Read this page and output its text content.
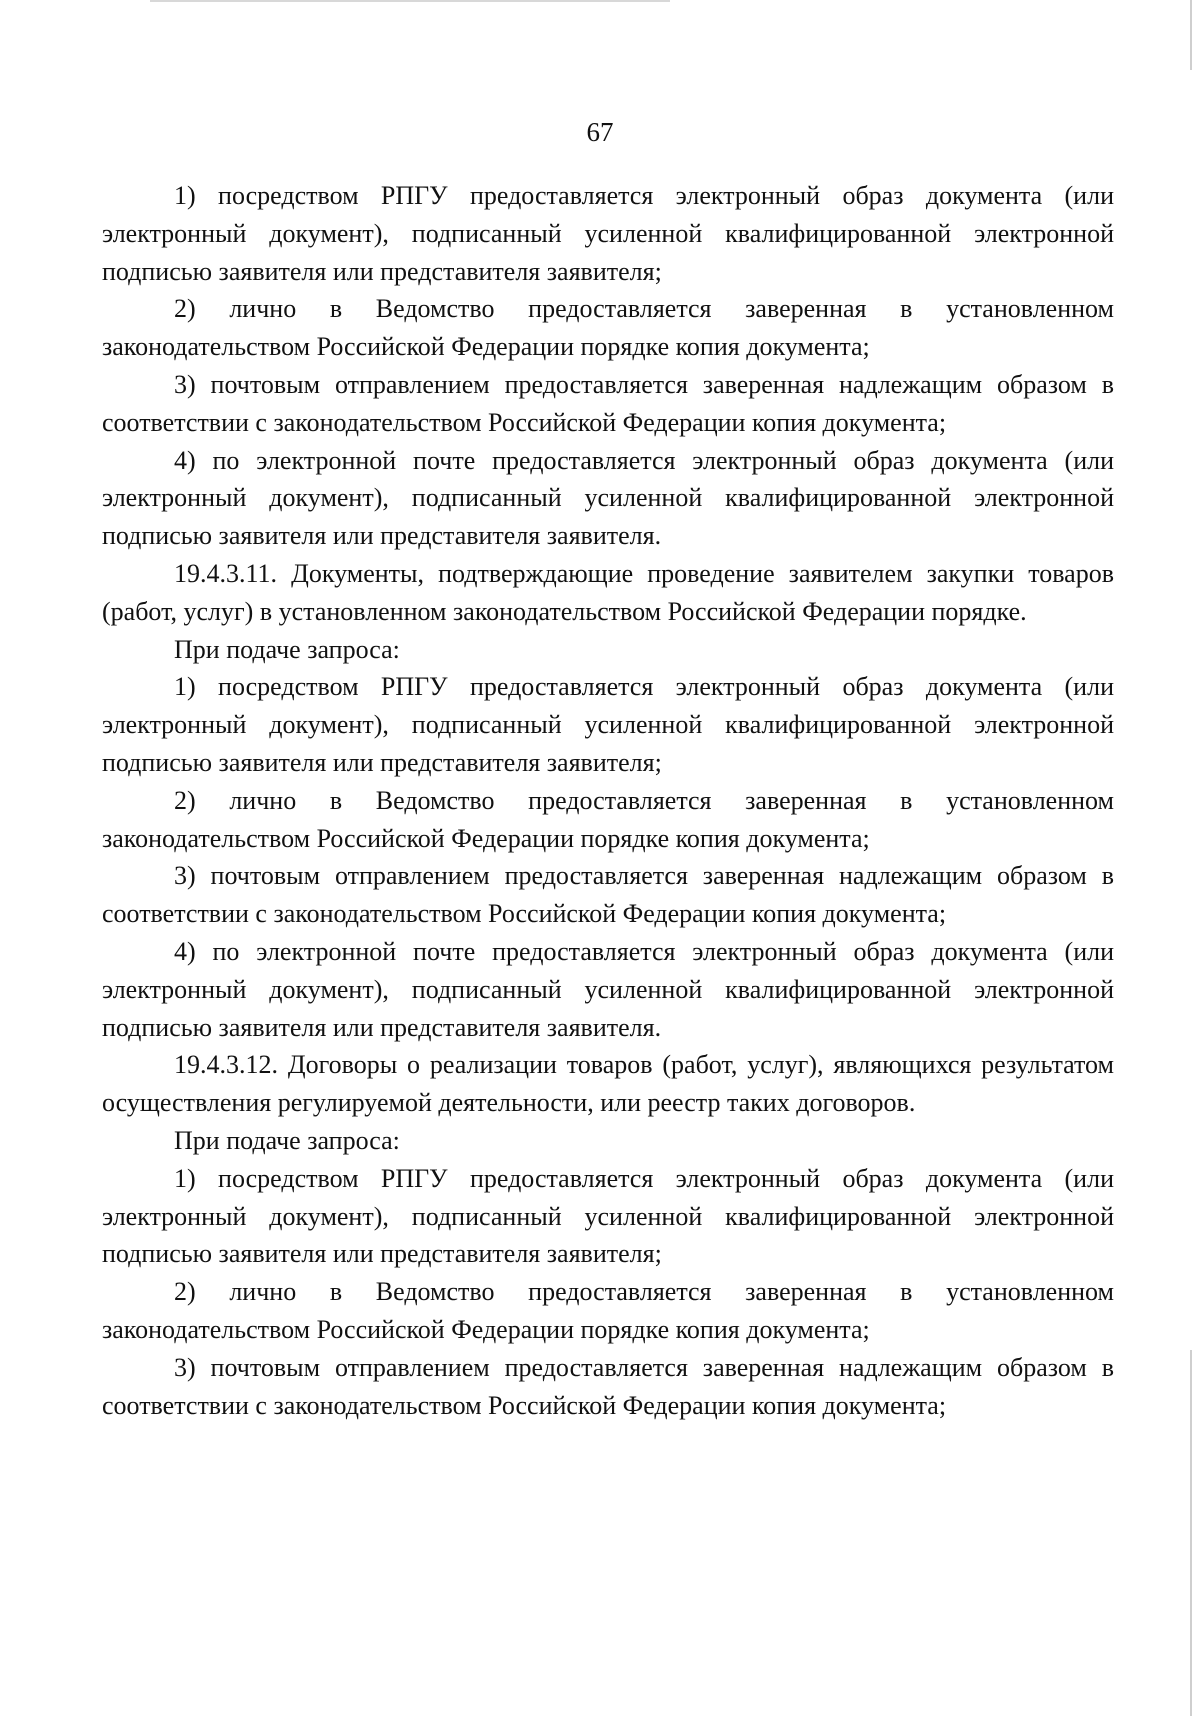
67

1) посредством РПГУ предоставляется электронный образ документа (или электронный документ), подписанный усиленной квалифицированной электронной подписью заявителя или представителя заявителя;

2) лично в Ведомство предоставляется заверенная в установленном законодательством Российской Федерации порядке копия документа;

3) почтовым отправлением предоставляется заверенная надлежащим образом в соответствии с законодательством Российской Федерации копия документа;

4) по электронной почте предоставляется электронный образ документа (или электронный документ), подписанный усиленной квалифицированной электронной подписью заявителя или представителя заявителя.

19.4.3.11. Документы, подтверждающие проведение заявителем закупки товаров (работ, услуг) в установленном законодательством Российской Федерации порядке.

При подаче запроса:

1) посредством РПГУ предоставляется электронный образ документа (или электронный документ), подписанный усиленной квалифицированной электронной подписью заявителя или представителя заявителя;

2) лично в Ведомство предоставляется заверенная в установленном законодательством Российской Федерации порядке копия документа;

3) почтовым отправлением предоставляется заверенная надлежащим образом в соответствии с законодательством Российской Федерации копия документа;

4) по электронной почте предоставляется электронный образ документа (или электронный документ), подписанный усиленной квалифицированной электронной подписью заявителя или представителя заявителя.

19.4.3.12. Договоры о реализации товаров (работ, услуг), являющихся результатом осуществления регулируемой деятельности, или реестр таких договоров.

При подаче запроса:

1) посредством РПГУ предоставляется электронный образ документа (или электронный документ), подписанный усиленной квалифицированной электронной подписью заявителя или представителя заявителя;

2) лично в Ведомство предоставляется заверенная в установленном законодательством Российской Федерации порядке копия документа;

3) почтовым отправлением предоставляется заверенная надлежащим образом в соответствии с законодательством Российской Федерации копия документа;
